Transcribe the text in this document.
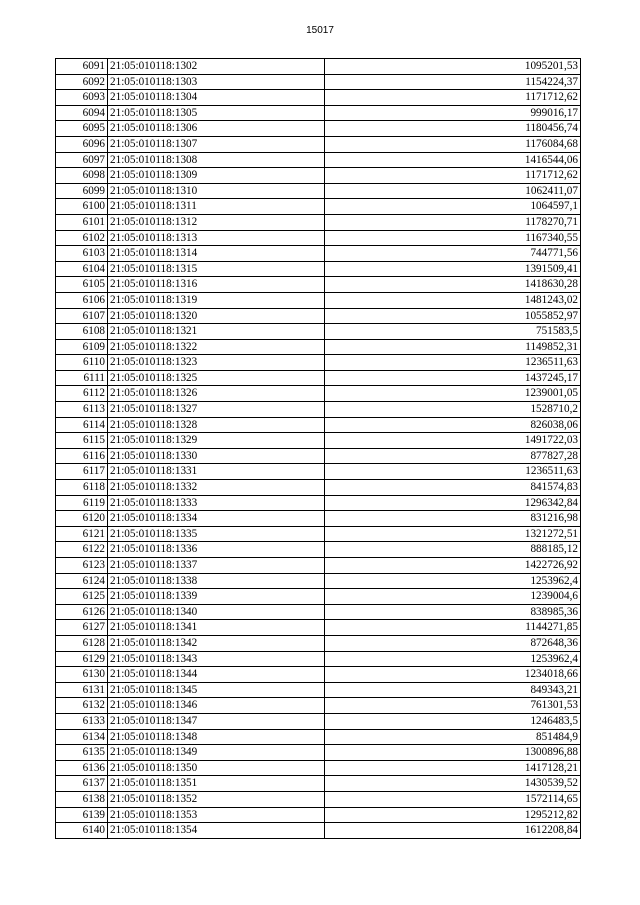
15017
6091	21:05:010118:1302	1095201,53
6092	21:05:010118:1303	1154224,37
6093	21:05:010118:1304	1171712,62
6094	21:05:010118:1305	999016,17
6095	21:05:010118:1306	1180456,74
6096	21:05:010118:1307	1176084,68
6097	21:05:010118:1308	1416544,06
6098	21:05:010118:1309	1171712,62
6099	21:05:010118:1310	1062411,07
6100	21:05:010118:1311	1064597,1
6101	21:05:010118:1312	1178270,71
6102	21:05:010118:1313	1167340,55
6103	21:05:010118:1314	744771,56
6104	21:05:010118:1315	1391509,41
6105	21:05:010118:1316	1418630,28
6106	21:05:010118:1319	1481243,02
6107	21:05:010118:1320	1055852,97
6108	21:05:010118:1321	751583,5
6109	21:05:010118:1322	1149852,31
6110	21:05:010118:1323	1236511,63
6111	21:05:010118:1325	1437245,17
6112	21:05:010118:1326	1239001,05
6113	21:05:010118:1327	1528710,2
6114	21:05:010118:1328	826038,06
6115	21:05:010118:1329	1491722,03
6116	21:05:010118:1330	877827,28
6117	21:05:010118:1331	1236511,63
6118	21:05:010118:1332	841574,83
6119	21:05:010118:1333	1296342,84
6120	21:05:010118:1334	831216,98
6121	21:05:010118:1335	1321272,51
6122	21:05:010118:1336	888185,12
6123	21:05:010118:1337	1422726,92
6124	21:05:010118:1338	1253962,4
6125	21:05:010118:1339	1239004,6
6126	21:05:010118:1340	838985,36
6127	21:05:010118:1341	1144271,85
6128	21:05:010118:1342	872648,36
6129	21:05:010118:1343	1253962,4
6130	21:05:010118:1344	1234018,66
6131	21:05:010118:1345	849343,21
6132	21:05:010118:1346	761301,53
6133	21:05:010118:1347	1246483,5
6134	21:05:010118:1348	851484,9
6135	21:05:010118:1349	1300896,88
6136	21:05:010118:1350	1417128,21
6137	21:05:010118:1351	1430539,52
6138	21:05:010118:1352	1572114,65
6139	21:05:010118:1353	1295212,82
6140	21:05:010118:1354	1612208,84
